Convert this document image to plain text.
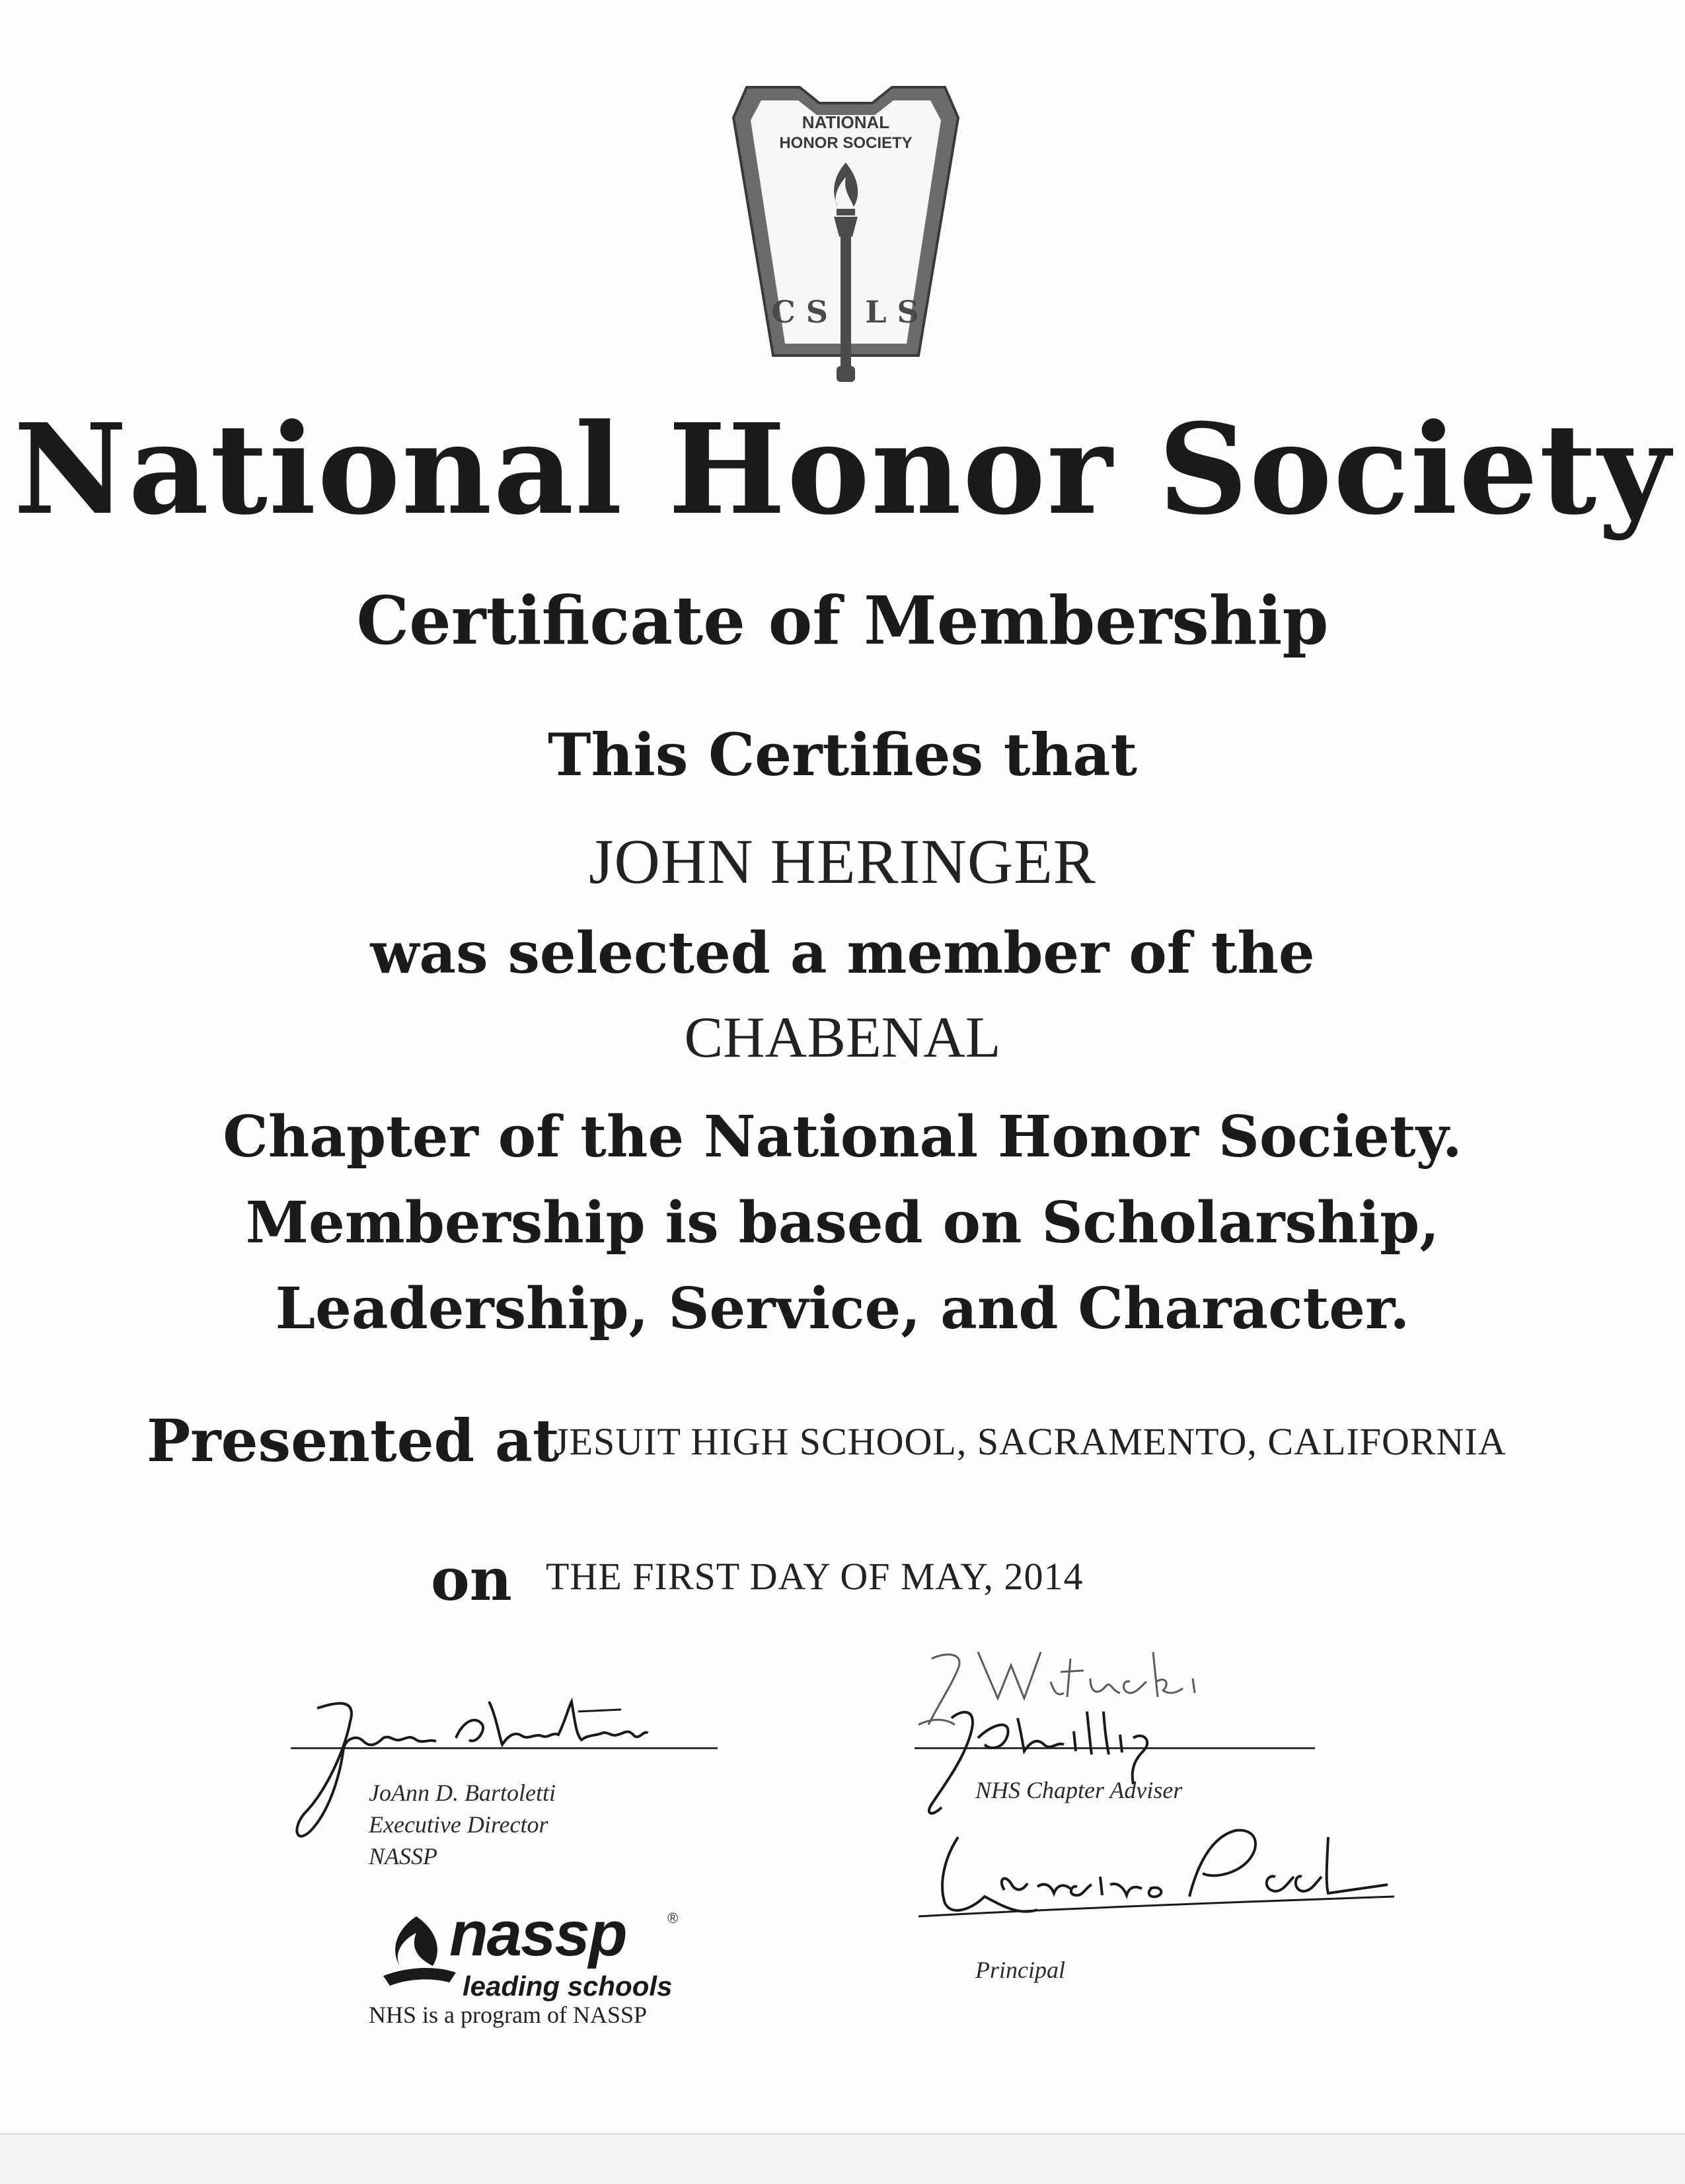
NATIONAL
HONOR SOCIETY
C S L S
National Honor Society
Certificate of Membership
This Certifies that
JOHN HERINGER
was selected a member of the
CHABENAL
Chapter of the National Honor Society.
Membership is based on Scholarship,
Leadership, Service, and Character.
Presented at
JESUIT HIGH SCHOOL, SACRAMENTO, CALIFORNIA
on THE FIRST DAY OF MAY, 2014
JoAnn D. Bartoletti
Executive Director
NASSP
NHS Chapter Adviser
Principal
nassp	®
leading schools
NHS is a program of NASSP
